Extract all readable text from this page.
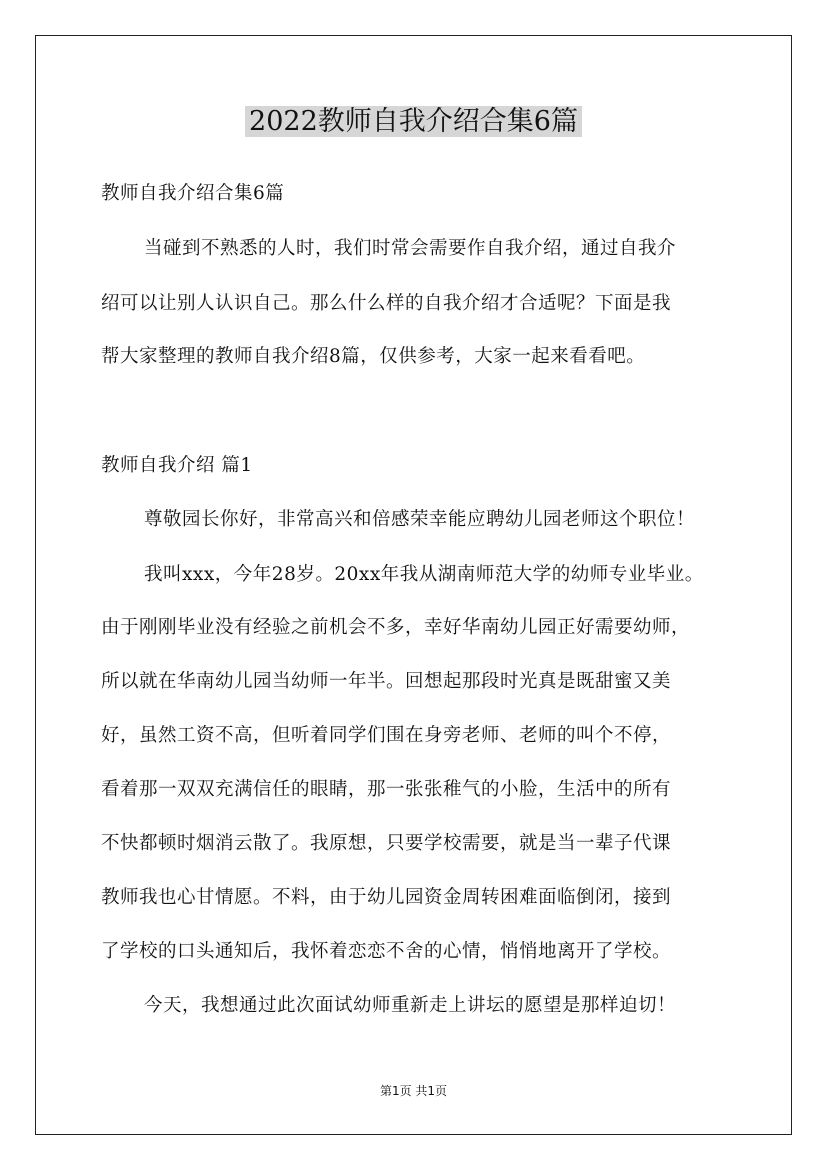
2022教师自我介绍合集6篇
教师自我介绍合集6篇
当碰到不熟悉的人时，我们时常会需要作自我介绍，通过自我介
绍可以让别人认识自己。那么什么样的自我介绍才合适呢？下面是我
帮大家整理的教师自我介绍8篇，仅供参考，大家一起来看看吧。
教师自我介绍 篇1
尊敬园长你好，非常高兴和倍感荣幸能应聘幼儿园老师这个职位！
我叫xxx，今年28岁。20xx年我从湖南师范大学的幼师专业毕业。
由于刚刚毕业没有经验之前机会不多，幸好华南幼儿园正好需要幼师，
所以就在华南幼儿园当幼师一年半。回想起那段时光真是既甜蜜又美
好，虽然工资不高，但听着同学们围在身旁老师、老师的叫个不停，
看着那一双双充满信任的眼睛，那一张张稚气的小脸，生活中的所有
不快都顿时烟消云散了。我原想，只要学校需要，就是当一辈子代课
教师我也心甘情愿。不料，由于幼儿园资金周转困难面临倒闭，接到
了学校的口头通知后，我怀着恋恋不舍的心情，悄悄地离开了学校。
今天，我想通过此次面试幼师重新走上讲坛的愿望是那样迫切！
第1页 共1页
